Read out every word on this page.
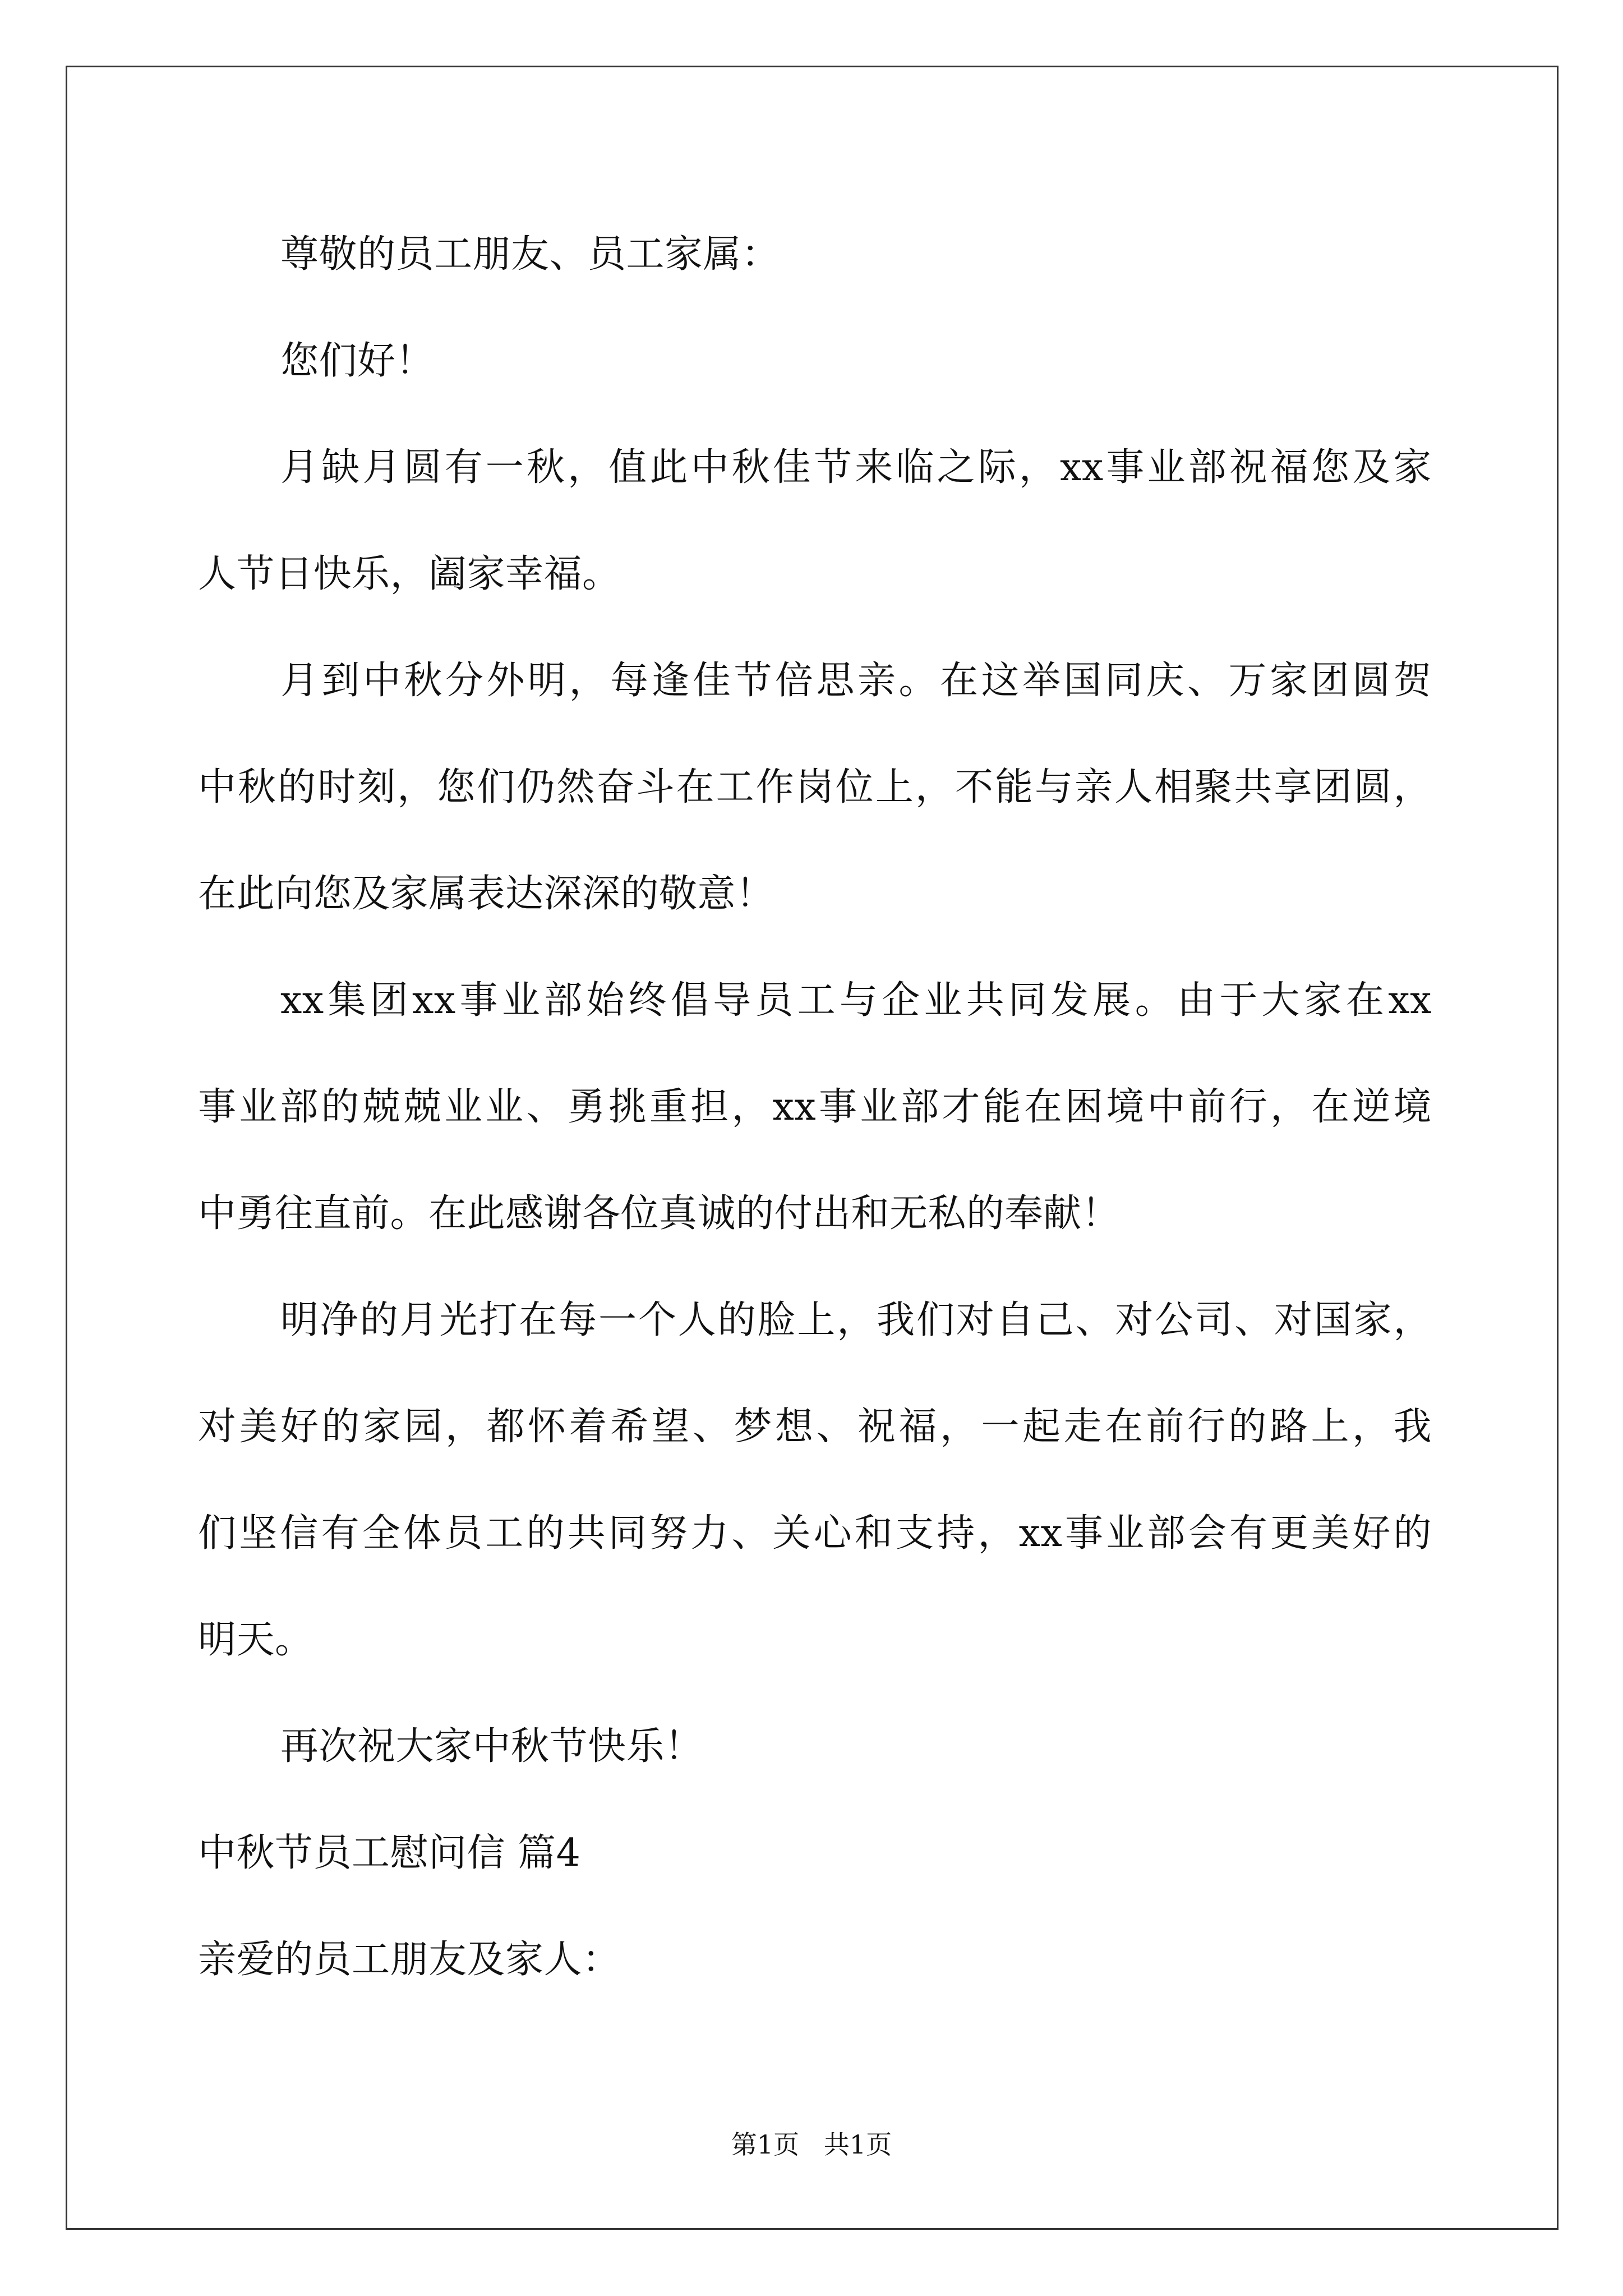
尊敬的员工朋友、员工家属：
您们好！
月缺月圆有一秋，值此中秋佳节来临之际，xx事业部祝福您及家
人节日快乐，阖家幸福。
月到中秋分外明，每逢佳节倍思亲。在这举国同庆、万家团圆贺
中秋的时刻，您们仍然奋斗在工作岗位上，不能与亲人相聚共享团圆，
在此向您及家属表达深深的敬意！
xx集团xx事业部始终倡导员工与企业共同发展。由于大家在xx
事业部的兢兢业业、勇挑重担，xx事业部才能在困境中前行，在逆境
中勇往直前。在此感谢各位真诚的付出和无私的奉献！
明净的月光打在每一个人的脸上，我们对自己、对公司、对国家，
对美好的家园，都怀着希望、梦想、祝福，一起走在前行的路上，我
们坚信有全体员工的共同努力、关心和支持，xx事业部会有更美好的
明天。
再次祝大家中秋节快乐！
中秋节员工慰问信 篇4
亲爱的员工朋友及家人：
第1页   共1页
